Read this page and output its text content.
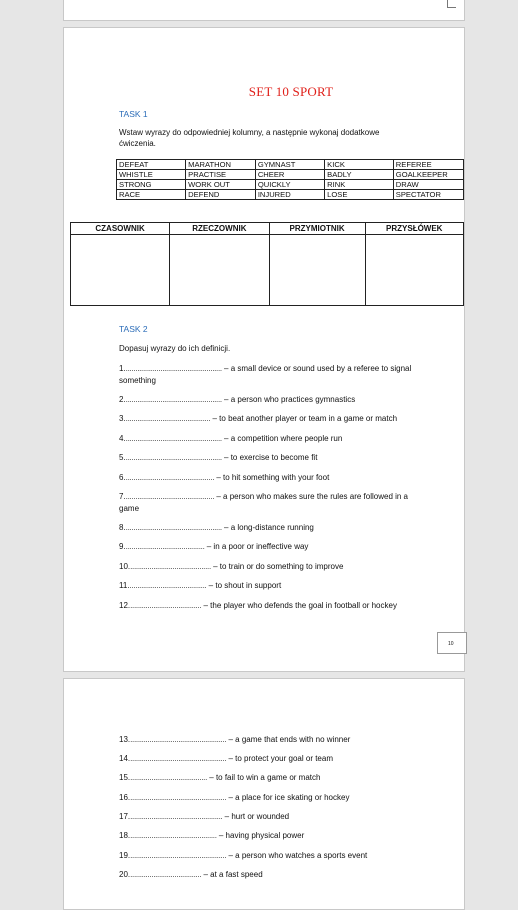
SET 10 SPORT
TASK 1
Wstaw wyrazy do odpowiedniej kolumny, a następnie wykonaj dodatkowe
ćwiczenia.
DEFEAT	MARATHON	GYMNAST	KICK	REFEREE
WHISTLE	PRACTISE	CHEER	BADLY	GOALKEEPER
STRONG	WORK OUT	QUICKLY	RINK	DRAW
RACE	DEFEND	INJURED	LOSE	SPECTATOR
CZASOWNIK	RZECZOWNIK	PRZYMIOTNIK	PRZYSŁÓWEK

TASK 2
Dopasuj wyrazy do ich definicji.
1................................................... – a small device or sound used by a referee to signal
something
2................................................... – a person who practices gymnastics
3............................................. – to beat another player or team in a game or match
4................................................... – a competition where people run
5................................................... – to exercise to become fit
6............................................... – to hit something with your foot
7............................................... – a person who makes sure the rules are followed in a
game
8................................................... – a long-distance running
9.......................................... – in a poor or ineffective way
10........................................... – to train or do something to improve
11......................................... – to shout in support
12...................................... – the player who defends the goal in football or hockey
10
13................................................... – a game that ends with no winner
14................................................... – to protect your goal or team
15......................................... – to fail to win a game or match
16................................................... – a place for ice skating or hockey
17................................................. – hurt or wounded
18.............................................. – having physical power
19................................................... – a person who watches a sports event
20...................................... – at a fast speed
